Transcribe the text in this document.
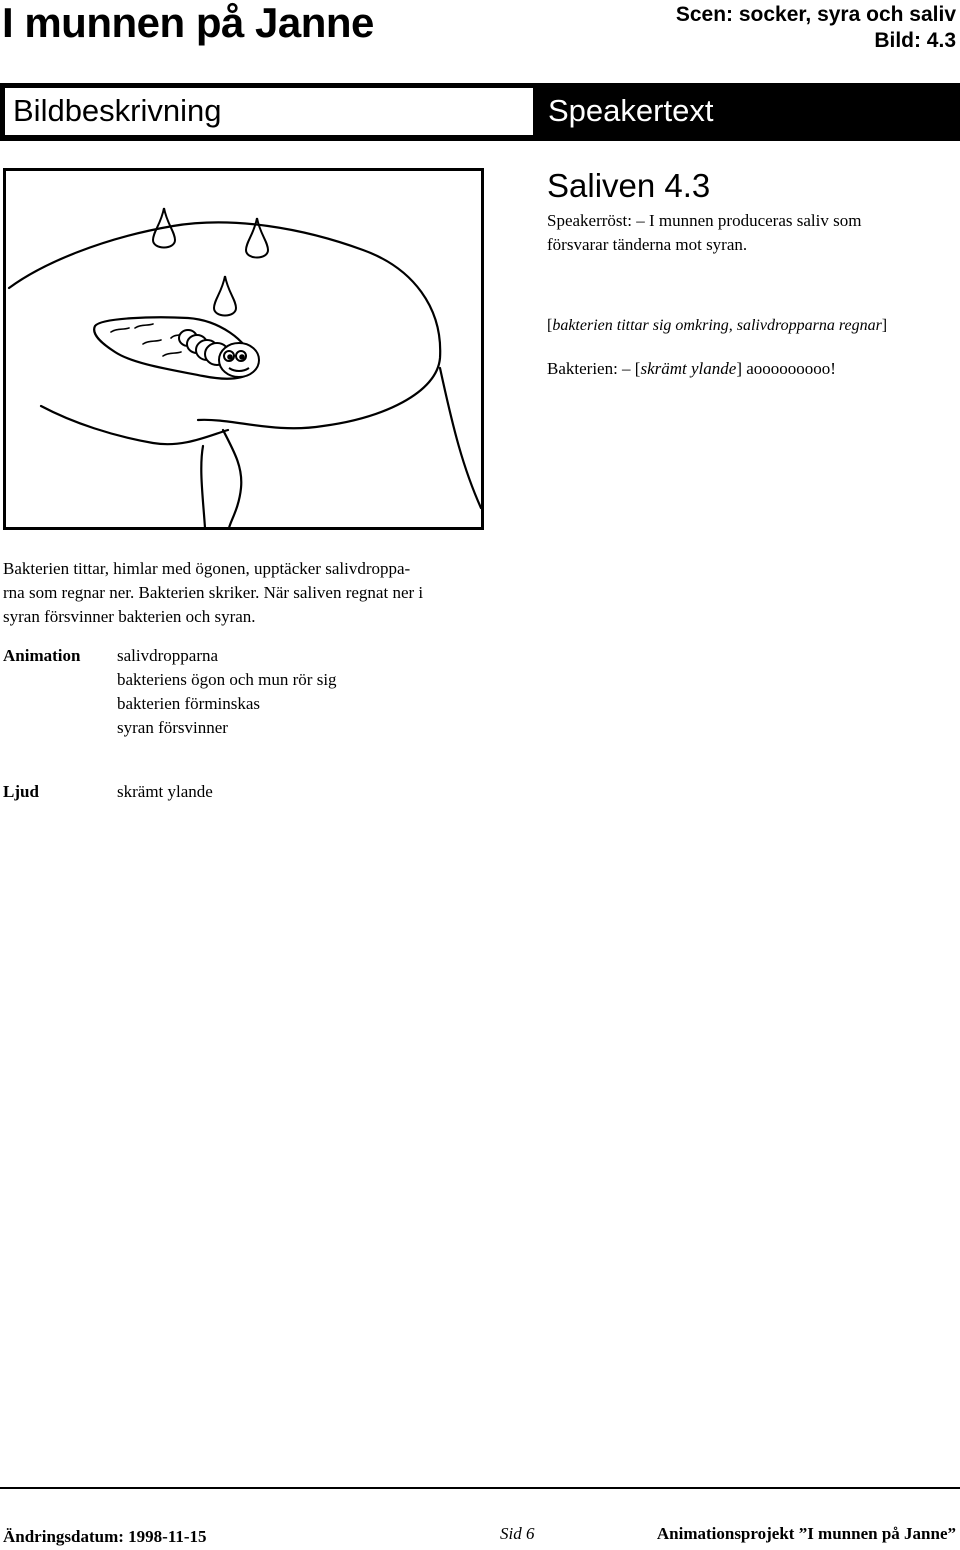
I munnen på Janne	Scen: socker, syra och saliv
Bild: 4.3
Bildbeskrivning	Speakertext
Saliven 4.3
Speakerröst: – I munnen produceras saliv som
försvarar tänderna mot syran.
[bakterien tittar sig omkring, salivdropparna regnar]
Bakterien: – [skrämt ylande] aooooooooo!
Bakterien tittar, himlar med ögonen, upptäcker salivdroppa-
rna som regnar ner. Bakterien skriker. När saliven regnat ner i
syran försvinner bakterien och syran.
Animation salivdropparna
bakteriens ögon och mun rör sig
bakterien förminskas
syran försvinner
Ljud	skrämt ylande
Ändringsdatum: 1998-11-15	Sid 6	Animationsprojekt ”I munnen på Janne”
